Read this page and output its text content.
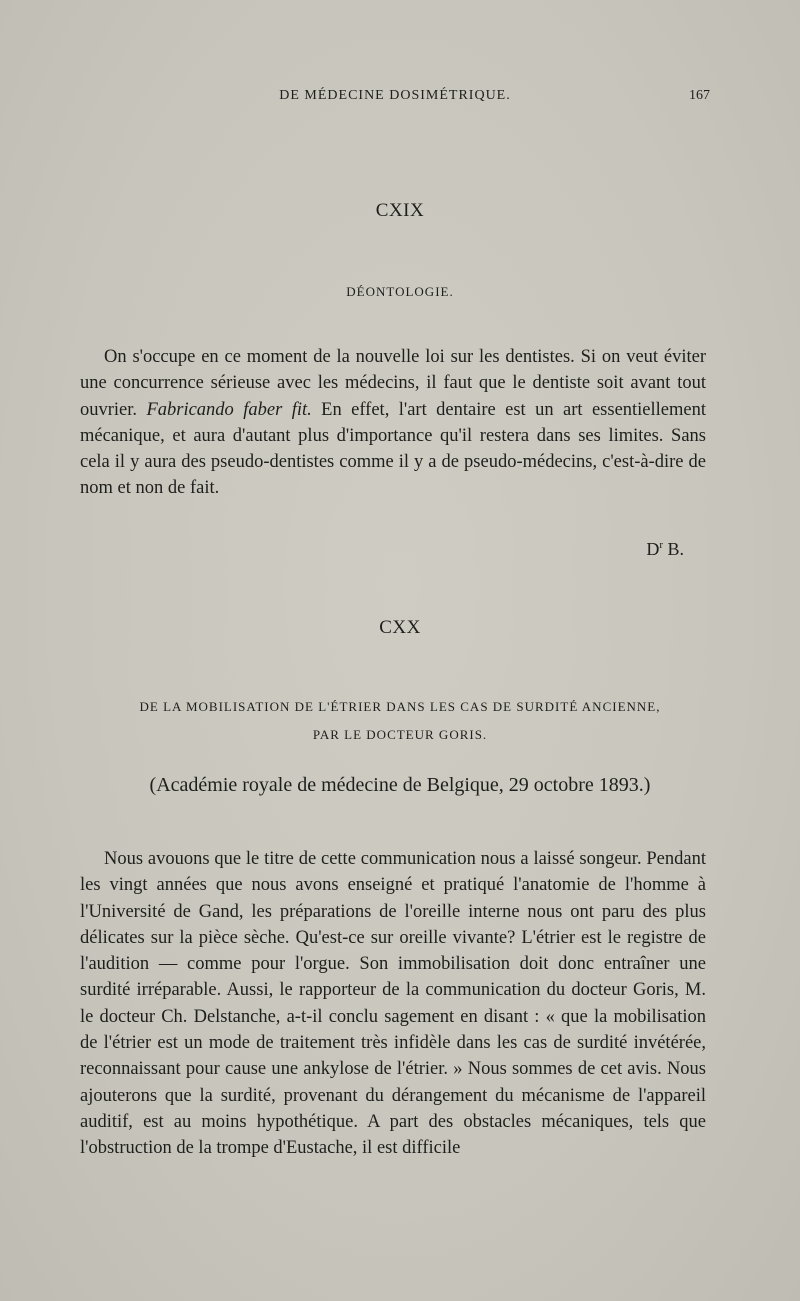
DE MÉDECINE DOSIMÉTRIQUE.	167
CXIX
DÉONTOLOGIE.

On s'occupe en ce moment de la nouvelle loi sur les dentistes. Si on veut éviter une concurrence sérieuse avec les médecins, il faut que le dentiste soit avant tout ouvrier. Fabricando faber fit. En effet, l'art dentaire est un art essentiellement mécanique, et aura d'autant plus d'importance qu'il restera dans ses limites. Sans cela il y aura des pseudo-dentistes comme il y a de pseudo-médecins, c'est-à-dire de nom et non de fait.

$D^r$ B.
CXX
DE LA MOBILISATION DE L'ÉTRIER DANS LES CAS DE SURDITÉ ANCIENNE,
PAR LE DOCTEUR GORIS.
(Académie royale de médecine de Belgique, 29 octobre 1893.)

Nous avouons que le titre de cette communication nous a laissé songeur. Pendant les vingt années que nous avons enseigné et pratiqué l'anatomie de l'homme à l'Université de Gand, les préparations de l'oreille interne nous ont paru des plus délicates sur la pièce sèche. Qu'est-ce sur oreille vivante? L'étrier est le registre de l'audition — comme pour l'orgue. Son immobilisation doit donc entraîner une surdité irréparable. Aussi, le rapporteur de la communication du docteur Goris, M. le docteur Ch. Delstanche, a-t-il conclu sagement en disant : « que la mobilisation de l'étrier est un mode de traitement très infidèle dans les cas de surdité invétérée, reconnaissant pour cause une ankylose de l'étrier. » Nous sommes de cet avis. Nous ajouterons que la surdité, provenant du dérangement du mécanisme de l'appareil auditif, est au moins hypothétique. A part des obstacles mécaniques, tels que l'obstruction de la trompe d'Eustache, il est difficile
